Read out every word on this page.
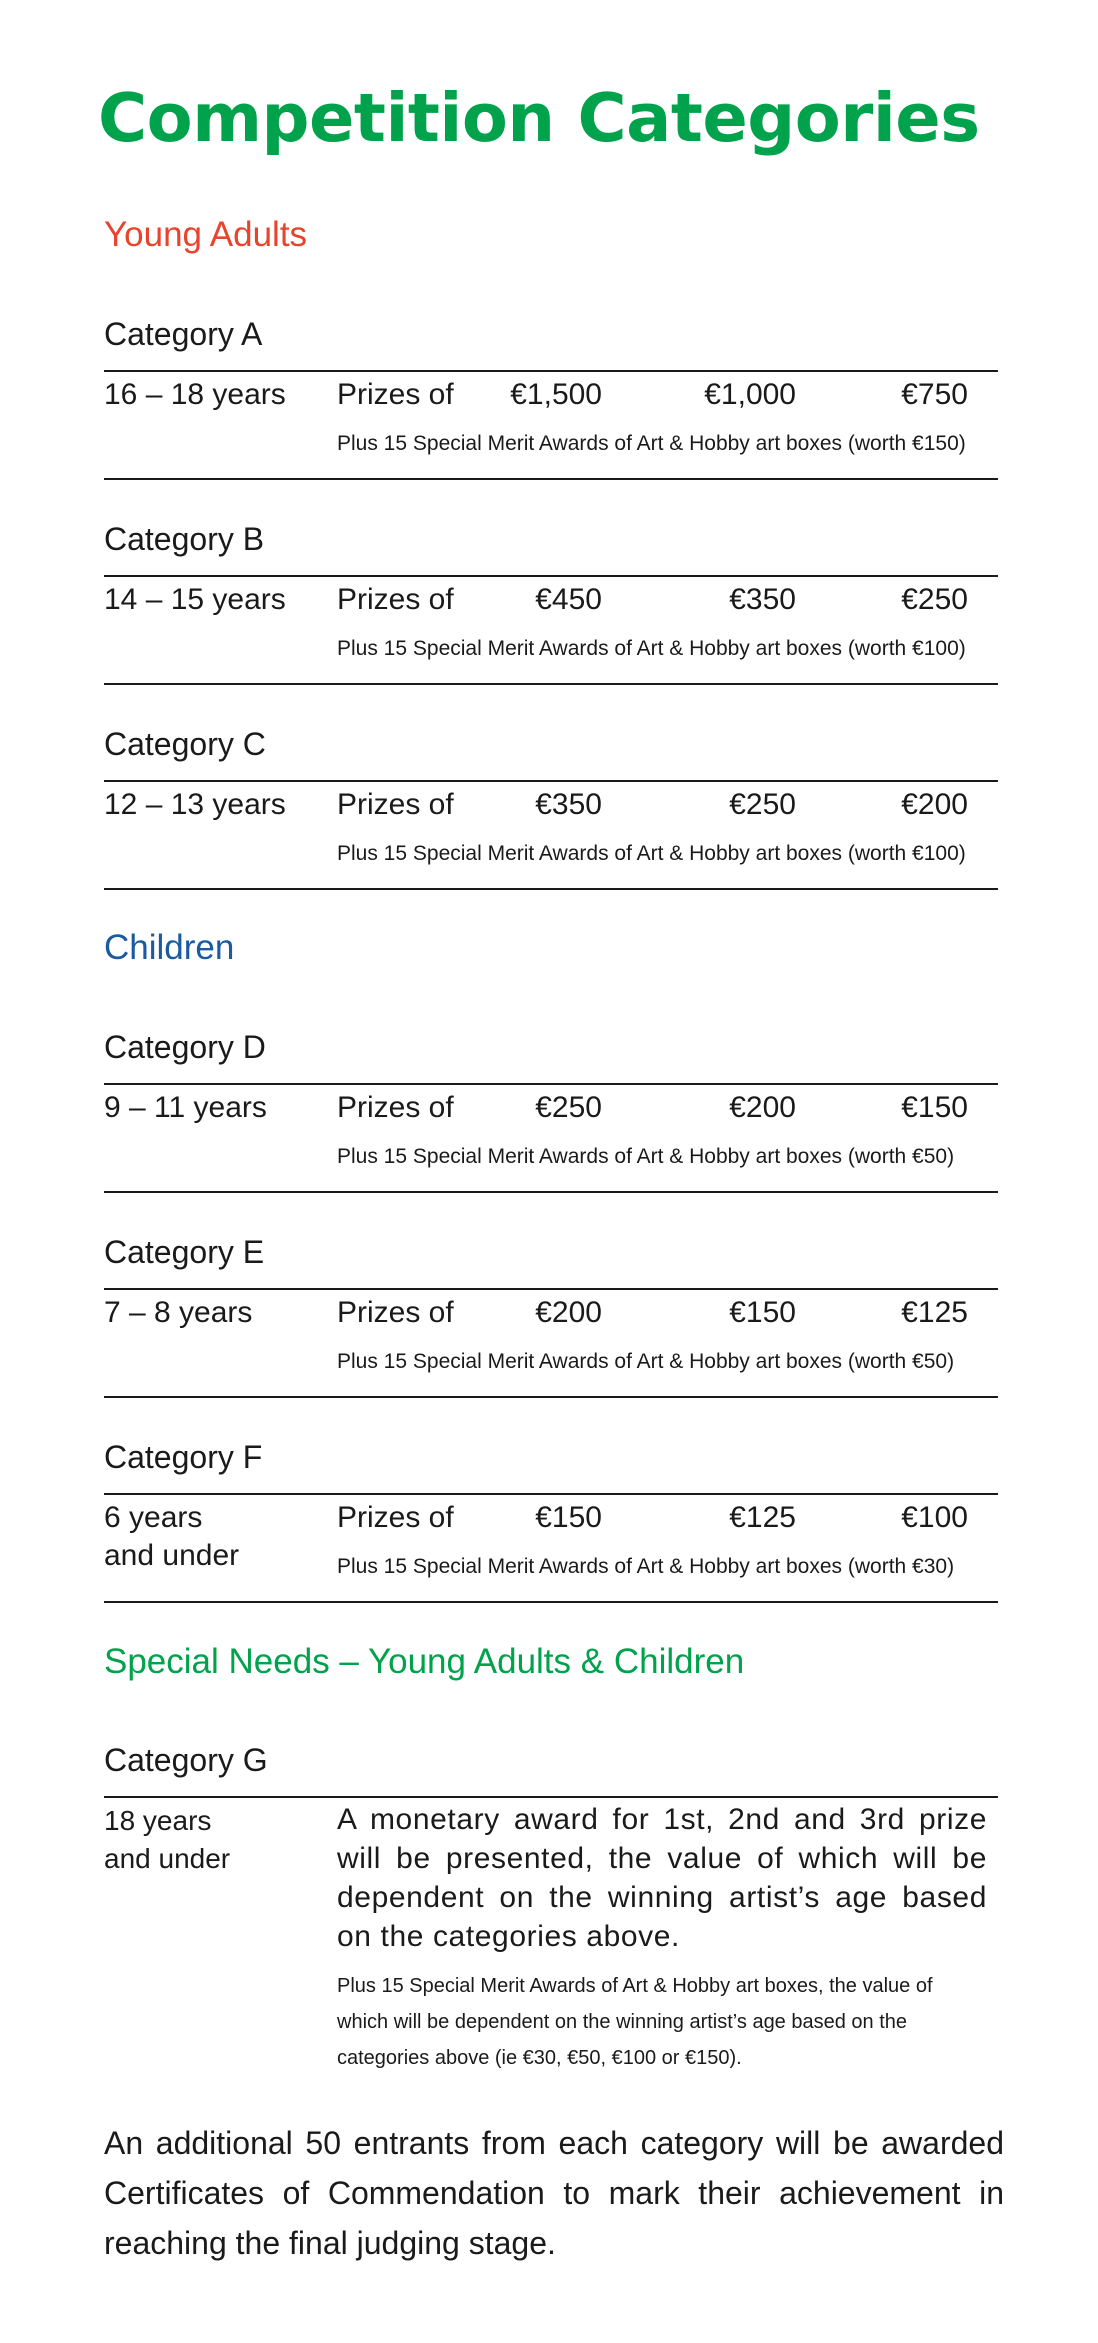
Competition Categories
Young Adults
Category A
16 – 18 years Prizes of	€1,500	€1,000	€750
Plus 15 Special Merit Awards of Art & Hobby art boxes (worth €150)
Category B
14 – 15 years Prizes of	€450	€350	€250
Plus 15 Special Merit Awards of Art & Hobby art boxes (worth €100)
Category C
12 – 13 years Prizes of	€350	€250	€200
Plus 15 Special Merit Awards of Art & Hobby art boxes (worth €100)
Children
Category D
9 – 11 years Prizes of	€250	€200	€150
Plus 15 Special Merit Awards of Art & Hobby art boxes (worth €50)
Category E
7 – 8 years	Prizes of	€200	€150	€125
Plus 15 Special Merit Awards of Art & Hobby art boxes (worth €50)
Category F
6 years
and under
Prizes of	€150	€125	€100
Plus 15 Special Merit Awards of Art & Hobby art boxes (worth €30)
Special Needs – Young Adults & Children
Category G
18 years
and under
A monetary award for 1st, 2nd and 3rd prize will be presented, the value of which will be dependent on the winning artist’s age based on the categories above.
Plus 15 Special Merit Awards of Art & Hobby art boxes, the value of which will be dependent on the winning artist’s age based on the categories above (ie €30, €50, €100 or €150).
An additional 50 entrants from each category will be awarded Certificates of Commendation to mark their achievement in reaching the final judging stage.
